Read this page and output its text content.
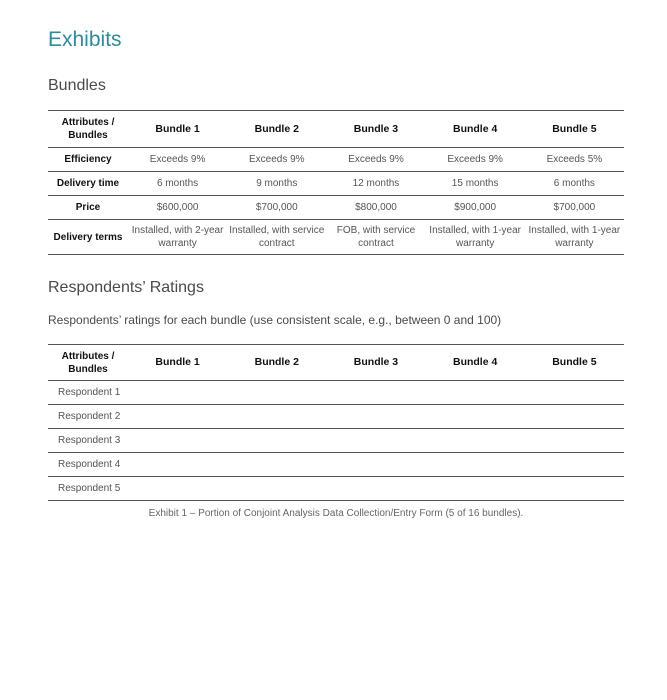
Exhibits
Bundles
Attributes / Bundles	Bundle 1	Bundle 2	Bundle 3	Bundle 4	Bundle 5
Efficiency	Exceeds 9%	Exceeds 9%	Exceeds 9%	Exceeds 9%	Exceeds 5%
Delivery time	6 months	9 months	12 months	15 months	6 months
Price	$600,000	$700,000	$800,000	$900,000	$700,000
Delivery terms	Installed, with 2-year warranty	Installed, with service contract	FOB, with service contract	Installed, with 1-year warranty	Installed, with 1-year warranty
Respondents’ Ratings
Respondents’ ratings for each bundle (use consistent scale, e.g., between 0 and 100)
Attributes / Bundles	Bundle 1	Bundle 2	Bundle 3	Bundle 4	Bundle 5
Respondent 1					
Respondent 2					
Respondent 3					
Respondent 4					
Respondent 5					
Exhibit 1 – Portion of Conjoint Analysis Data Collection/Entry Form (5 of 16 bundles).
